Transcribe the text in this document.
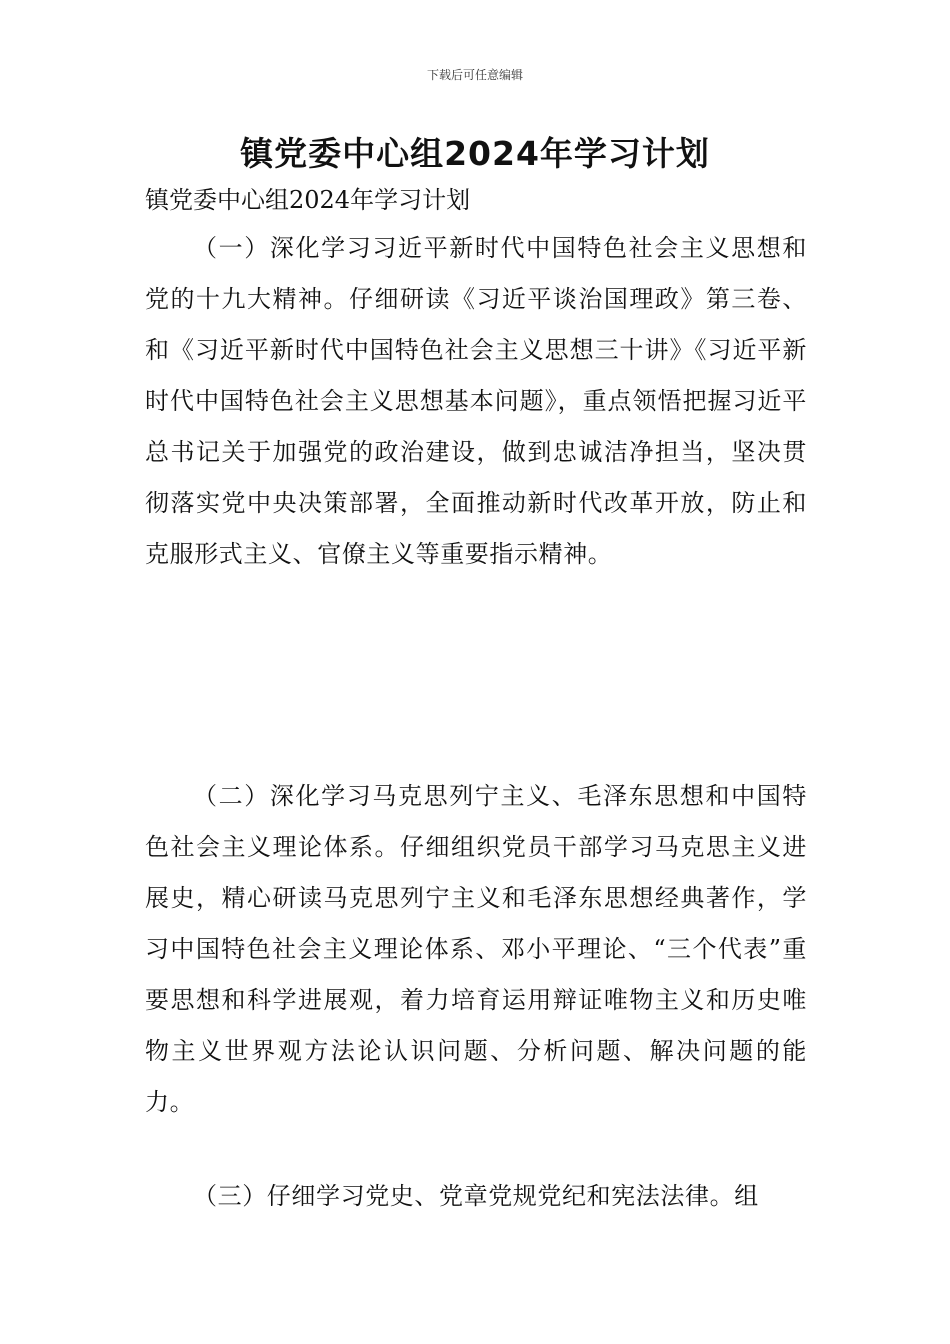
下载后可任意编辑
镇党委中心组2024年学习计划

镇党委中心组2024年学习计划

（一）深化学习习近平新时代中国特色社会主义思想和党的十九大精神。仔细研读《习近平谈治国理政》第三卷、和《习近平新时代中国特色社会主义思想三十讲》《习近平新时代中国特色社会主义思想基本问题》，重点领悟把握习近平总书记关于加强党的政治建设，做到忠诚洁净担当，坚决贯彻落实党中央决策部署，全面推动新时代改革开放，防止和克服形式主义、官僚主义等重要指示精神。

（二）深化学习马克思列宁主义、毛泽东思想和中国特色社会主义理论体系。仔细组织党员干部学习马克思主义进展史，精心研读马克思列宁主义和毛泽东思想经典著作，学习中国特色社会主义理论体系、邓小平理论、“三个代表”重要思想和科学进展观，着力培育运用辩证唯物主义和历史唯物主义世界观方法论认识问题、分析问题、解决问题的能力。

（三）仔细学习党史、党章党规党纪和宪法法律。组
